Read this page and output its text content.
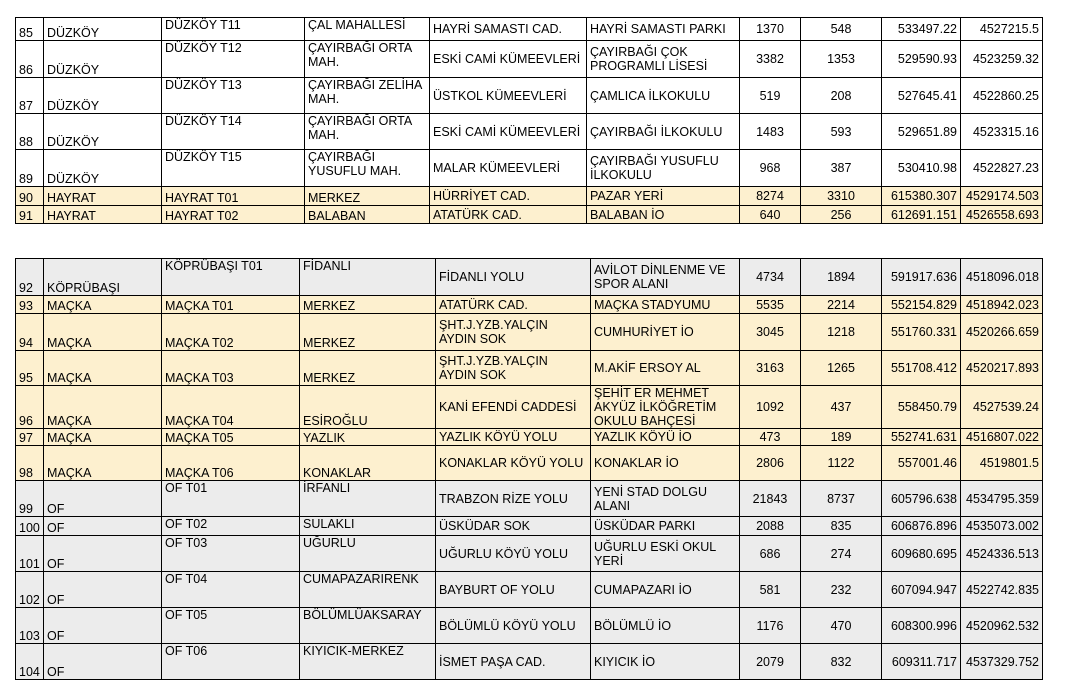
85	DÜZKÖY	DÜZKÖY T11	ÇAL MAHALLESİ	HAYRİ SAMASTI CAD.	HAYRİ SAMASTI PARKI	1370	548	533497.22	4527215.5
86	DÜZKÖY	DÜZKÖY T12	ÇAYIRBAĞI ORTA MAH.	ESKİ CAMİ KÜMEEVLERİ	ÇAYIRBAĞI ÇOK PROGRAMLI LİSESİ	3382	1353	529590.93	4523259.32
87	DÜZKÖY	DÜZKÖY T13	ÇAYIRBAĞI ZELİHA MAH.	ÜSTKOL KÜMEEVLERİ	ÇAMLICA İLKOKULU	519	208	527645.41	4522860.25
88	DÜZKÖY	DÜZKÖY T14	ÇAYIRBAĞI ORTA MAH.	ESKİ CAMİ KÜMEEVLERİ	ÇAYIRBAĞI İLKOKULU	1483	593	529651.89	4523315.16
89	DÜZKÖY	DÜZKÖY T15	ÇAYIRBAĞI YUSUFLU MAH.	MALAR KÜMEEVLERİ	ÇAYIRBAĞI YUSUFLU İLKOKULU	968	387	530410.98	4522827.23
90	HAYRAT	HAYRAT T01	MERKEZ	HÜRRİYET CAD.	PAZAR YERİ	8274	3310	615380.307	4529174.503
91	HAYRAT	HAYRAT T02	BALABAN	ATATÜRK CAD.	BALABAN İO	640	256	612691.151	4526558.693
92	KÖPRÜBAŞI	KÖPRÜBAŞI T01	FİDANLI	FİDANLI YOLU	AVİLOT DİNLENME VE SPOR ALANI	4734	1894	591917.636	4518096.018
93	MAÇKA	MAÇKA T01	MERKEZ	ATATÜRK CAD.	MAÇKA STADYUMU	5535	2214	552154.829	4518942.023
94	MAÇKA	MAÇKA T02	MERKEZ	ŞHT.J.YZB.YALÇIN AYDIN SOK	CUMHURİYET İO	3045	1218	551760.331	4520266.659
95	MAÇKA	MAÇKA T03	MERKEZ	ŞHT.J.YZB.YALÇIN AYDIN SOK	M.AKİF ERSOY AL	3163	1265	551708.412	4520217.893
96	MAÇKA	MAÇKA T04	ESİROĞLU	KANİ EFENDİ CADDESİ	ŞEHİT ER MEHMET AKYÜZ İLKÖĞRETİM OKULU BAHÇESİ	1092	437	558450.79	4527539.24
97	MAÇKA	MAÇKA T05	YAZLIK	YAZLIK KÖYÜ YOLU	YAZLIK KÖYÜ İO	473	189	552741.631	4516807.022
98	MAÇKA	MAÇKA T06	KONAKLAR	KONAKLAR KÖYÜ YOLU	KONAKLAR İO	2806	1122	557001.46	4519801.5
99	OF	OF T01	İRFANLI	TRABZON RİZE YOLU	YENİ STAD DOLGU ALANI	21843	8737	605796.638	4534795.359
100	OF	OF T02	SULAKLI	ÜSKÜDAR SOK	ÜSKÜDAR PARKI	2088	835	606876.896	4535073.002
101	OF	OF T03	UĞURLU	UĞURLU KÖYÜ YOLU	UĞURLU ESKİ OKUL YERİ	686	274	609680.695	4524336.513
102	OF	OF T04	CUMAPAZARIRENK	BAYBURT OF YOLU	CUMAPAZARI İO	581	232	607094.947	4522742.835
103	OF	OF T05	BÖLÜMLÜAKSARAY	BÖLÜMLÜ KÖYÜ YOLU	BÖLÜMLÜ İO	1176	470	608300.996	4520962.532
104	OF	OF T06	KIYICIK-MERKEZ	İSMET PAŞA CAD.	KIYICIK İO	2079	832	609311.717	4537329.752
